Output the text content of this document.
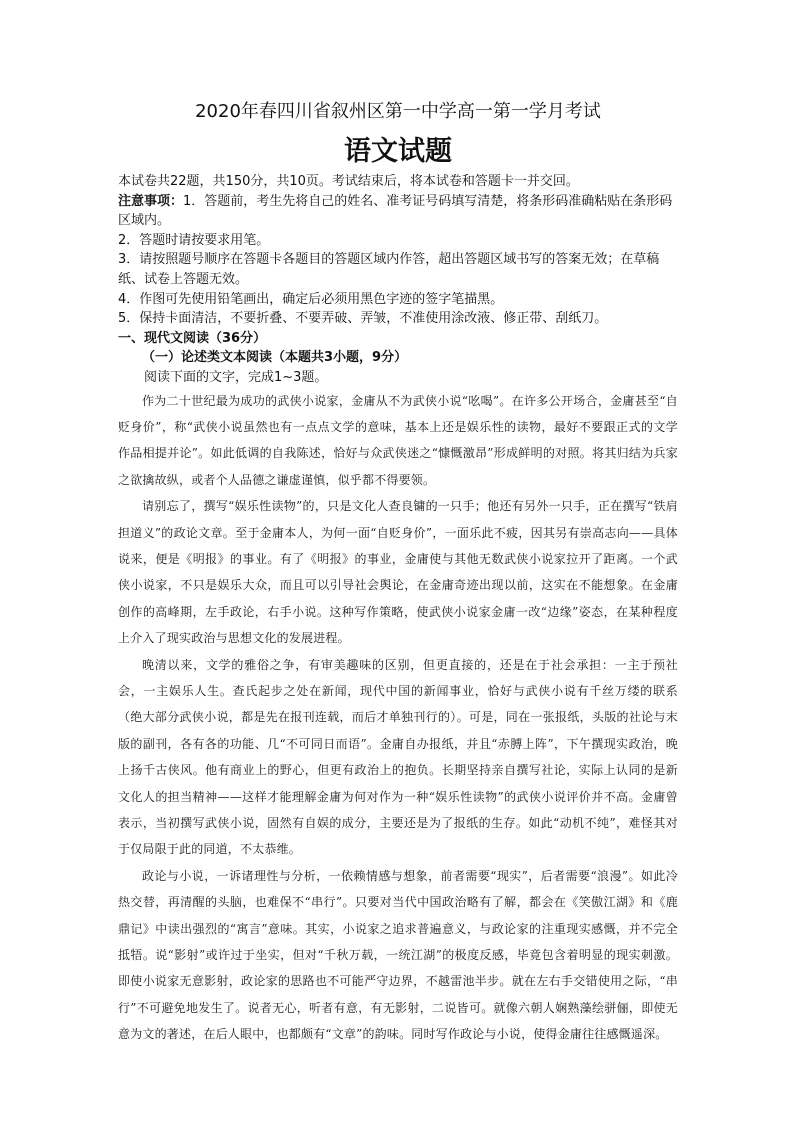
2020年春四川省叙州区第一中学高一第一学月考试

语文试题

本试卷共22题，共150分，共10页。考试结束后，将本试卷和答题卡一并交回。

注意事项：1．答题前，考生先将自己的姓名、准考证号码填写清楚，将条形码准确粘贴在条形码区域内。

2．答题时请按要求用笔。

3．请按照题号顺序在答题卡各题目的答题区域内作答，超出答题区域书写的答案无效；在草稿纸、试卷上答题无效。

4．作图可先使用铅笔画出，确定后必须用黑色字迹的签字笔描黑。

5．保持卡面清洁，不要折叠、不要弄破、弄皱，不准使用涂改液、修正带、刮纸刀。

一、现代文阅读（36分）

（一）论述类文本阅读（本题共3小题，9分）

阅读下面的文字，完成1~3题。

作为二十世纪最为成功的武侠小说家，金庸从不为武侠小说“吆喝”。在许多公开场合，金庸甚至“自贬身价”，称“武侠小说虽然也有一点点文学的意味，基本上还是娱乐性的读物，最好不要跟正式的文学作品相提并论”。如此低调的自我陈述，恰好与众武侠迷之“慷慨激昂”形成鲜明的对照。将其归结为兵家之欲擒故纵，或者个人品德之谦虚谨慎，似乎都不得要领。

请别忘了，撰写“娱乐性读物”的，只是文化人查良镛的一只手；他还有另外一只手，正在撰写“铁肩担道义”的政论文章。至于金庸本人，为何一面“自贬身价”，一面乐此不疲，因其另有崇高志向——具体说来，便是《明报》的事业。有了《明报》的事业，金庸使与其他无数武侠小说家拉开了距离。一个武侠小说家，不只是娱乐大众，而且可以引导社会舆论，在金庸奇迹出现以前，这实在不能想象。在金庸创作的高峰期，左手政论，右手小说。这种写作策略，使武侠小说家金庸一改“边缘”姿态，在某种程度上介入了现实政治与思想文化的发展进程。

晚清以来，文学的雅俗之争，有审美趣味的区别，但更直接的，还是在于社会承担：一主于预社会，一主娱乐人生。查氏起步之处在新闻，现代中国的新闻事业，恰好与武侠小说有千丝万缕的联系（绝大部分武侠小说，都是先在报刊连载，而后才单独刊行的）。可是，同在一张报纸，头版的社论与末版的副刊，各有各的功能、几“不可同日而语”。金庸自办报纸，并且“赤膊上阵”，下午撰现实政治，晚上扬千古侠风。他有商业上的野心，但更有政治上的抱负。长期坚持亲自撰写社论，实际上认同的是新文化人的担当精神——这样才能理解金庸为何对作为一种“娱乐性读物”的武侠小说评价并不高。金庸曾表示，当初撰写武侠小说，固然有自娱的成分，主要还是为了报纸的生存。如此“动机不纯”，难怪其对于仅局限于此的同道，不太恭维。

政论与小说，一诉诸理性与分析，一依赖情感与想象，前者需要“现实”，后者需要“浪漫”。如此冷热交替，再清醒的头脑，也难保不“串行”。只要对当代中国政治略有了解，都会在《笑傲江湖》和《鹿鼎记》中读出强烈的“寓言”意味。其实，小说家之追求普遍意义，与政论家的注重现实感慨，并不完全抵牾。说“影射”或许过于坐实，但对“千秋万载，一统江湖”的极度反感，毕竟包含着明显的现实刺激。即使小说家无意影射，政论家的思路也不可能严守边界，不越雷池半步。就在左右手交错使用之际，“串行”不可避免地发生了。说者无心，听者有意，有无影射，二说皆可。就像六朝人娴熟藻绘骈俪，即使无意为文的著述，在后人眼中，也都颇有“文章”的韵味。同时写作政论与小说，使得金庸往往感慨遥深。
